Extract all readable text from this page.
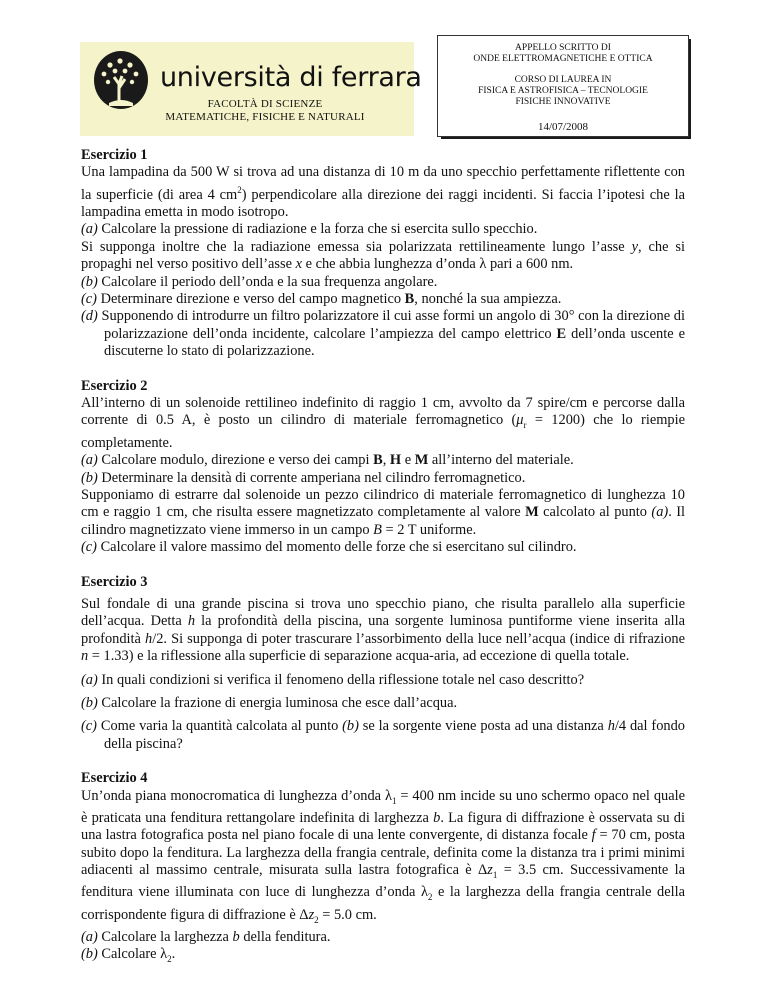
università di ferrara
FACOLTÀ DI SCIENZE
MATEMATICHE, FISICHE E NATURALI
APPELLO SCRITTO DI
ONDE ELETTROMAGNETICHE E OTTICA
CORSO DI LAUREA IN
FISICA E ASTROFISICA – TECNOLOGIE
FISICHE INNOVATIVE
14/07/2008
Esercizio 1

Una lampadina da 500 W si trova ad una distanza di 10 m da uno specchio perfettamente riflettente con la superficie (di area 4 $cm^2$) perpendicolare alla direzione dei raggi incidenti. Si faccia l’ipotesi che la lampadina emetta in modo isotropo.

(a) Calcolare la pressione di radiazione e la forza che si esercita sullo specchio.

Si supponga inoltre che la radiazione emessa sia polarizzata rettilineamente lungo l’asse y, che si propaghi nel verso positivo dell’asse x e che abbia lunghezza d’onda λ pari a 600 nm.

(b) Calcolare il periodo dell’onda e la sua frequenza angolare.

(c) Determinare direzione e verso del campo magnetico B, nonché la sua ampiezza.

(d) Supponendo di introdurre un filtro polarizzatore il cui asse formi un angolo di 30° con la direzione di polarizzazione dell’onda incidente, calcolare l’ampiezza del campo elettrico E dell’onda uscente e discuterne lo stato di polarizzazione.

Esercizio 2

All’interno di un solenoide rettilineo indefinito di raggio 1 cm, avvolto da 7 spire/cm e percorse dalla corrente di 0.5 A, è posto un cilindro di materiale ferromagnetico $(\mu_r = 1200)$ che lo riempie completamente.

(a) Calcolare modulo, direzione e verso dei campi B, H e M all’interno del materiale.

(b) Determinare la densità di corrente amperiana nel cilindro ferromagnetico.

Supponiamo di estrarre dal solenoide un pezzo cilindrico di materiale ferromagnetico di lunghezza 10 cm e raggio 1 cm, che risulta essere magnetizzato completamente al valore M calcolato al punto (a). Il cilindro magnetizzato viene immerso in un campo B = 2 T uniforme.

(c) Calcolare il valore massimo del momento delle forze che si esercitano sul cilindro.

Esercizio 3

Sul fondale di una grande piscina si trova uno specchio piano, che risulta parallelo alla superficie dell’acqua. Detta h la profondità della piscina, una sorgente luminosa puntiforme viene inserita alla profondità h/2. Si supponga di poter trascurare l’assorbimento della luce nell’acqua (indice di rifrazione n = 1.33) e la riflessione alla superficie di separazione acqua-aria, ad eccezione di quella totale.

(a) In quali condizioni si verifica il fenomeno della riflessione totale nel caso descritto?

(b) Calcolare la frazione di energia luminosa che esce dall’acqua.

(c) Come varia la quantità calcolata al punto (b) se la sorgente viene posta ad una distanza h/4 dal fondo della piscina?

Esercizio 4

Un’onda piana monocromatica di lunghezza d’onda $\lambda_1 = 400$ nm incide su uno schermo opaco nel quale è praticata una fenditura rettangolare indefinita di larghezza b. La figura di diffrazione è osservata su di una lastra fotografica posta nel piano focale di una lente convergente, di distanza focale f = 70 cm, posta subito dopo la fenditura. La larghezza della frangia centrale, definita come la distanza tra i primi minimi adiacenti al massimo centrale, misurata sulla lastra fotografica è $\Delta z_1 = 3.5$ cm. Successivamente la fenditura viene illuminata con luce di lunghezza d’onda $\lambda_2$ e la larghezza della frangia centrale della corrispondente figura di diffrazione è $\Delta z_2 = 5.0$ cm.

(a) Calcolare la larghezza b della fenditura.

(b) Calcolare $\lambda_2$.
